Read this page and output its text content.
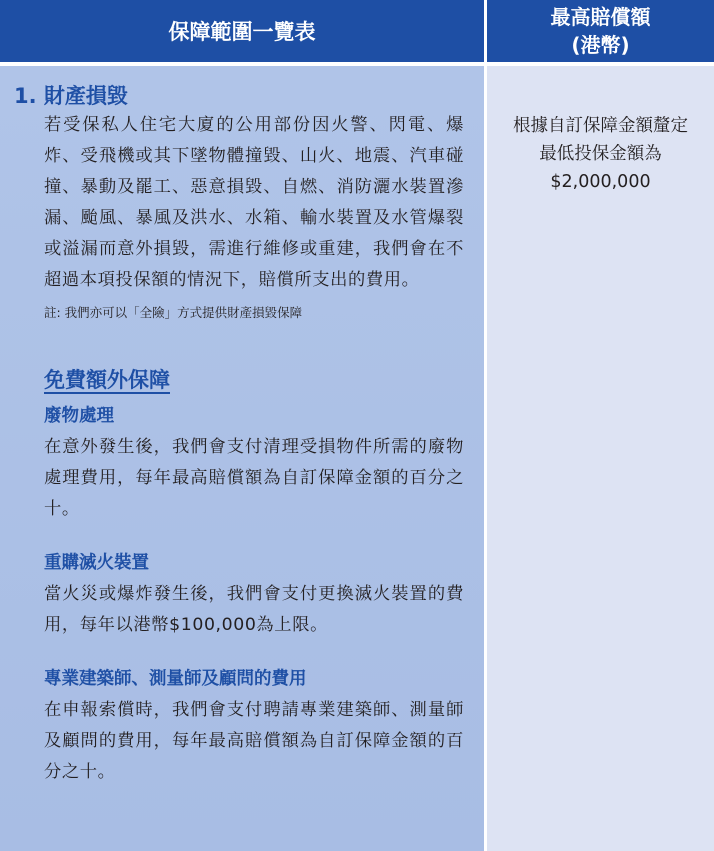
保障範圍一覽表
最高賠償額
(港幣)
1. 財產損毀

若受保私人住宅大廈的公用部份因火警、閃電、爆炸、受飛機或其下墜物體撞毀、山火、地震、汽車碰撞、暴動及罷工、惡意損毀、自燃、消防灑水裝置滲漏、颱風、暴風及洪水、水箱、輸水裝置及水管爆裂或溢漏而意外損毀，需進行維修或重建，我們會在不超過本項投保額的情況下，賠償所支出的費用。

註: 我們亦可以「全險」方式提供財產損毀保障
免費額外保障
廢物處理

在意外發生後，我們會支付清理受損物件所需的廢物處理費用，每年最高賠償額為自訂保障金額的百分之十。

重購滅火裝置

當火災或爆炸發生後，我們會支付更換滅火裝置的費用，每年以港幣$100,000為上限。

專業建築師、測量師及顧問的費用

在申報索償時，我們會支付聘請專業建築師、測量師及顧問的費用，每年最高賠償額為自訂保障金額的百分之十。

根據自訂保障金額釐定
最低投保金額為
$2,000,000
